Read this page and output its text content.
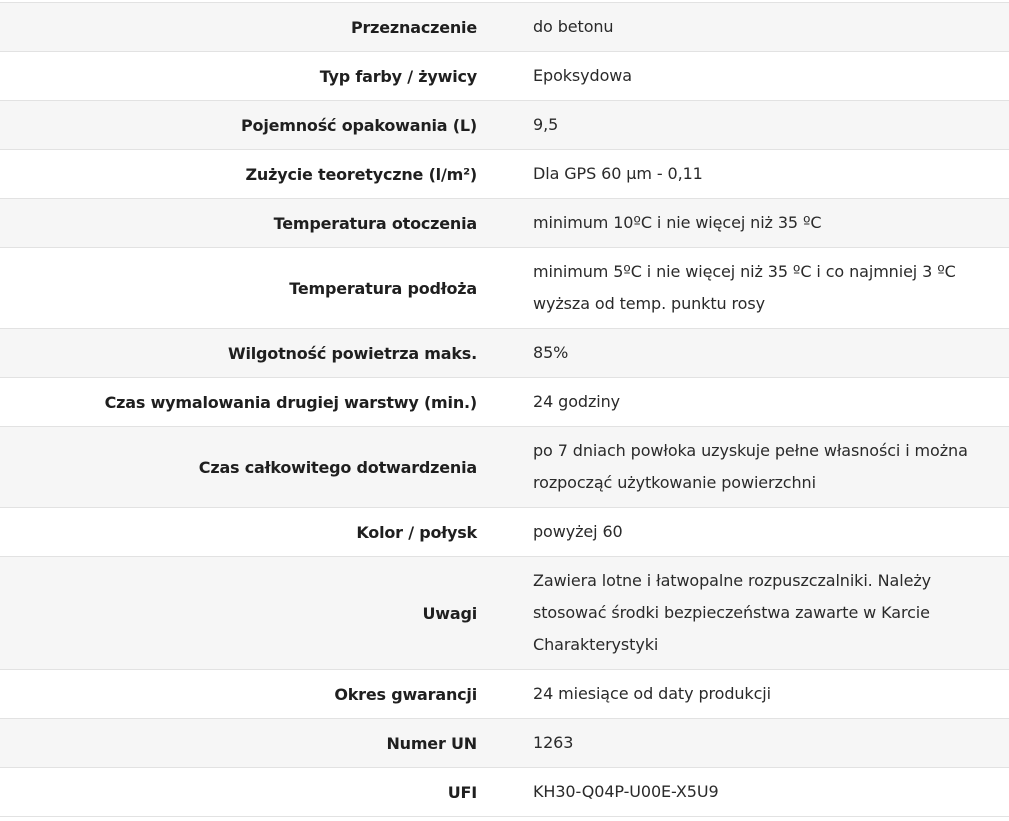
Przeznaczenie	do betonu
Typ farby / żywicy	Epoksydowa
Pojemność opakowania (L)	9,5
Zużycie teoretyczne (l/m²)	Dla GPS 60 µm - 0,11
Temperatura otoczenia	minimum 10ºC i nie więcej niż 35 ºC
Temperatura podłoża	minimum 5ºC i nie więcej niż 35 ºC i co najmniej 3 ºC wyższa od temp. punktu rosy
Wilgotność powietrza maks.	85%
Czas wymalowania drugiej warstwy (min.)	24 godziny
Czas całkowitego dotwardzenia	po 7 dniach powłoka uzyskuje pełne własności i można rozpocząć użytkowanie powierzchni
Kolor / połysk	powyżej 60
Uwagi	Zawiera lotne i łatwopalne rozpuszczalniki. Należy stosować środki bezpieczeństwa zawarte w Karcie Charakterystyki
Okres gwarancji	24 miesiące od daty produkcji
Numer UN	1263
UFI	KH30-Q04P-U00E-X5U9
